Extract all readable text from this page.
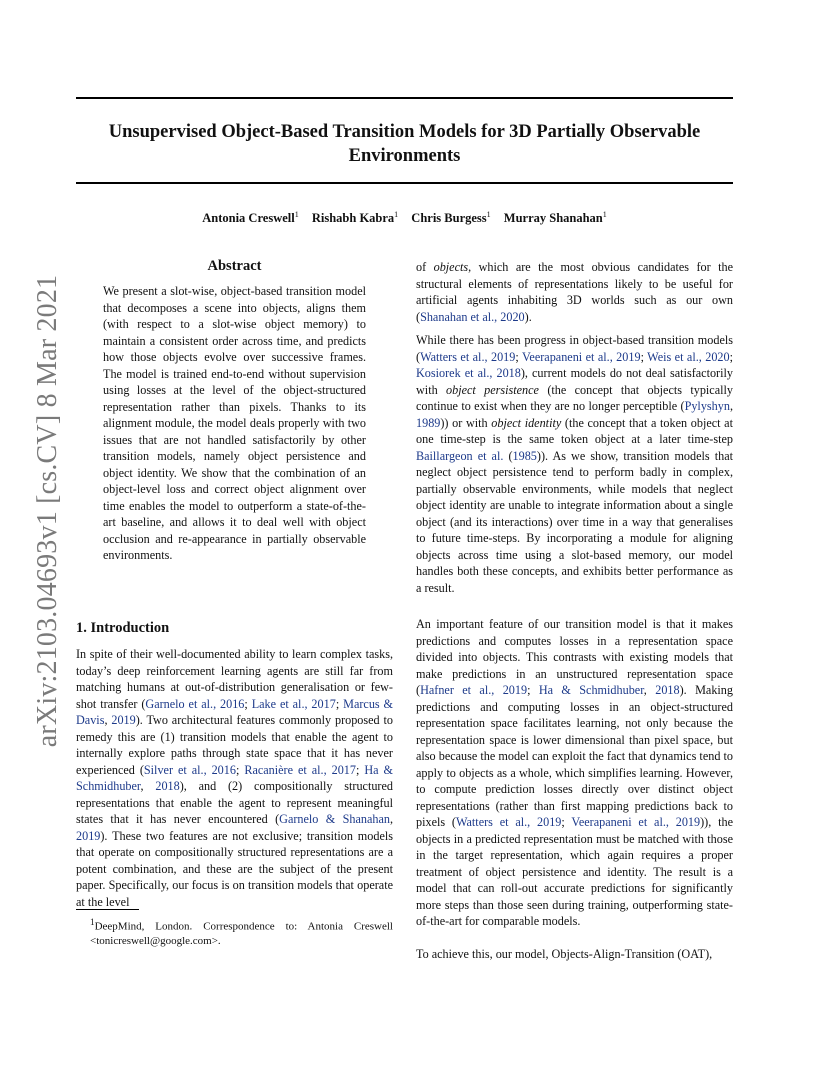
Unsupervised Object-Based Transition Models for 3D Partially Observable Environments
Antonia Creswell$^1$ Rishabh Kabra$^1$ Chris Burgess$^1$ Murray Shanahan$^1$
arXiv:2103.04693v1 [cs.CV] 8 Mar 2021
Abstract
We present a slot-wise, object-based transition model that decomposes a scene into objects, aligns them (with respect to a slot-wise object memory) to maintain a consistent order across time, and predicts how those objects evolve over successive frames. The model is trained end-to-end without supervision using losses at the level of the object-structured representation rather than pixels. Thanks to its alignment module, the model deals properly with two issues that are not handled satisfactorily by other transition models, namely object persistence and object identity. We show that the combination of an object-level loss and correct object alignment over time enables the model to outperform a state-of-the-art baseline, and allows it to deal well with object occlusion and re-appearance in partially observable environments.
1. Introduction
In spite of their well-documented ability to learn complex tasks, today’s deep reinforcement learning agents are still far from matching humans at out-of-distribution generalisation or few-shot transfer (Garnelo et al., 2016; Lake et al., 2017; Marcus & Davis, 2019). Two architectural features commonly proposed to remedy this are (1) transition models that enable the agent to internally explore paths through state space that it has never experienced (Silver et al., 2016; Racanière et al., 2017; Ha & Schmidhuber, 2018), and (2) compositionally structured representations that enable the agent to represent meaningful states that it has never encountered (Garnelo & Shanahan, 2019). These two features are not exclusive; transition models that operate on compositionally structured representations are a potent combination, and these are the subject of the present paper. Specifically, our focus is on transition models that operate at the level
$^1$DeepMind, London. Correspondence to: Antonia Creswell <tonicreswell@google.com>.
of objects, which are the most obvious candidates for the structural elements of representations likely to be useful for artificial agents inhabiting 3D worlds such as our own (Shanahan et al., 2020).
While there has been progress in object-based transition models (Watters et al., 2019; Veerapaneni et al., 2019; Weis et al., 2020; Kosiorek et al., 2018), current models do not deal satisfactorily with object persistence (the concept that objects typically continue to exist when they are no longer perceptible (Pylyshyn, 1989)) or with object identity (the concept that a token object at one time-step is the same token object at a later time-step Baillargeon et al. (1985)). As we show, transition models that neglect object persistence tend to perform badly in complex, partially observable environments, while models that neglect object identity are unable to integrate information about a single object (and its interactions) over time in a way that generalises to future time-steps. By incorporating a module for aligning objects across time using a slot-based memory, our model handles both these concepts, and exhibits better performance as a result.
An important feature of our transition model is that it makes predictions and computes losses in a representation space divided into objects. This contrasts with existing models that make predictions in an unstructured representation space (Hafner et al., 2019; Ha & Schmidhuber, 2018). Making predictions and computing losses in an object-structured representation space facilitates learning, not only because the representation space is lower dimensional than pixel space, but also because the model can exploit the fact that dynamics tend to apply to objects as a whole, which simplifies learning. However, to compute prediction losses directly over distinct object representations (rather than first mapping predictions back to pixels (Watters et al., 2019; Veerapaneni et al., 2019)), the objects in a predicted representation must be matched with those in the target representation, which again requires a proper treatment of object persistence and identity. The result is a model that can roll-out accurate predictions for significantly more steps than those seen during training, outperforming state-of-the-art for comparable models.
To achieve this, our model, Objects-Align-Transition (OAT),
